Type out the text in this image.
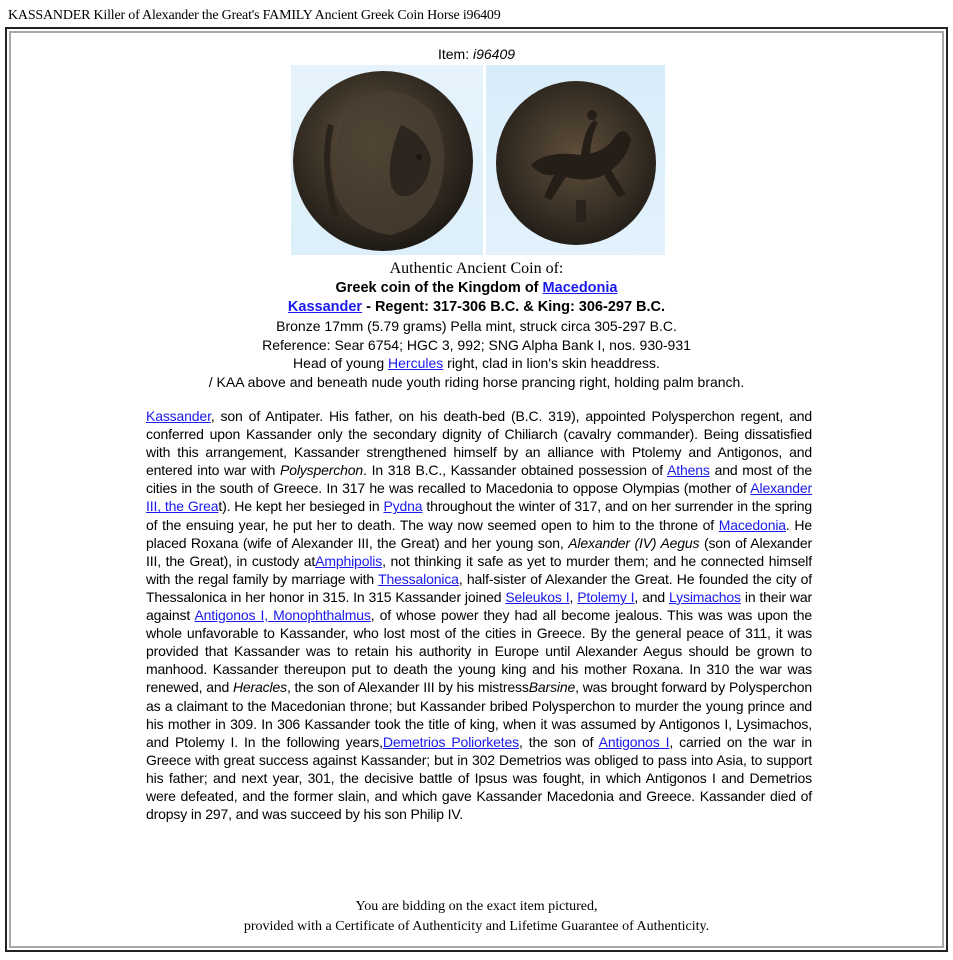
KASSANDER Killer of Alexander the Great's FAMILY Ancient Greek Coin Horse i96409
Item: i96409
Authentic Ancient Coin of:
Greek coin of the Kingdom of Macedonia
Kassander - Regent: 317-306 B.C. & King: 306-297 B.C.
Bronze 17mm (5.79 grams) Pella mint, struck circa 305-297 B.C.
Reference: Sear 6754; HGC 3, 992; SNG Alpha Bank I, nos. 930-931
Head of young Hercules right, clad in lion's skin headdress.
/ KAA above and beneath nude youth riding horse prancing right, holding palm branch.
Kassander, son of Antipater. His father, on his death-bed (B.C. 319), appointed Polysperchon regent, and conferred upon Kassander only the secondary dignity of Chiliarch (cavalry commander). Being dissatisfied with this arrangement, Kassander strengthened himself by an alliance with Ptolemy and Antigonos, and entered into war with Polysperchon. In 318 B.C., Kassander obtained possession of Athens and most of the cities in the south of Greece. In 317 he was recalled to Macedonia to oppose Olympias (mother of Alexander III, the Great). He kept her besieged in Pydna throughout the winter of 317, and on her surrender in the spring of the ensuing year, he put her to death. The way now seemed open to him to the throne of Macedonia. He placed Roxana (wife of Alexander III, the Great) and her young son, Alexander (IV) Aegus (son of Alexander III, the Great), in custody atAmphipolis, not thinking it safe as yet to murder them; and he connected himself with the regal family by marriage with Thessalonica, half-sister of Alexander the Great. He founded the city of Thessalonica in her honor in 315. In 315 Kassander joined Seleukos I, Ptolemy I, and Lysimachos in their war against Antigonos I, Monophthalmus, of whose power they had all become jealous. This was was upon the whole unfavorable to Kassander, who lost most of the cities in Greece. By the general peace of 311, it was provided that Kassander was to retain his authority in Europe until Alexander Aegus should be grown to manhood. Kassander thereupon put to death the young king and his mother Roxana. In 310 the war was renewed, and Heracles, the son of Alexander III by his mistressBarsine, was brought forward by Polysperchon as a claimant to the Macedonian throne; but Kassander bribed Polysperchon to murder the young prince and his mother in 309. In 306 Kassander took the title of king, when it was assumed by Antigonos I, Lysimachos, and Ptolemy I. In the following years,Demetrios Poliorketes, the son of Antigonos I, carried on the war in Greece with great success against Kassander; but in 302 Demetrios was obliged to pass into Asia, to support his father; and next year, 301, the decisive battle of Ipsus was fought, in which Antigonos I and Demetrios were defeated, and the former slain, and which gave Kassander Macedonia and Greece. Kassander died of dropsy in 297, and was succeed by his son Philip IV.
You are bidding on the exact item pictured,
provided with a Certificate of Authenticity and Lifetime Guarantee of Authenticity.
